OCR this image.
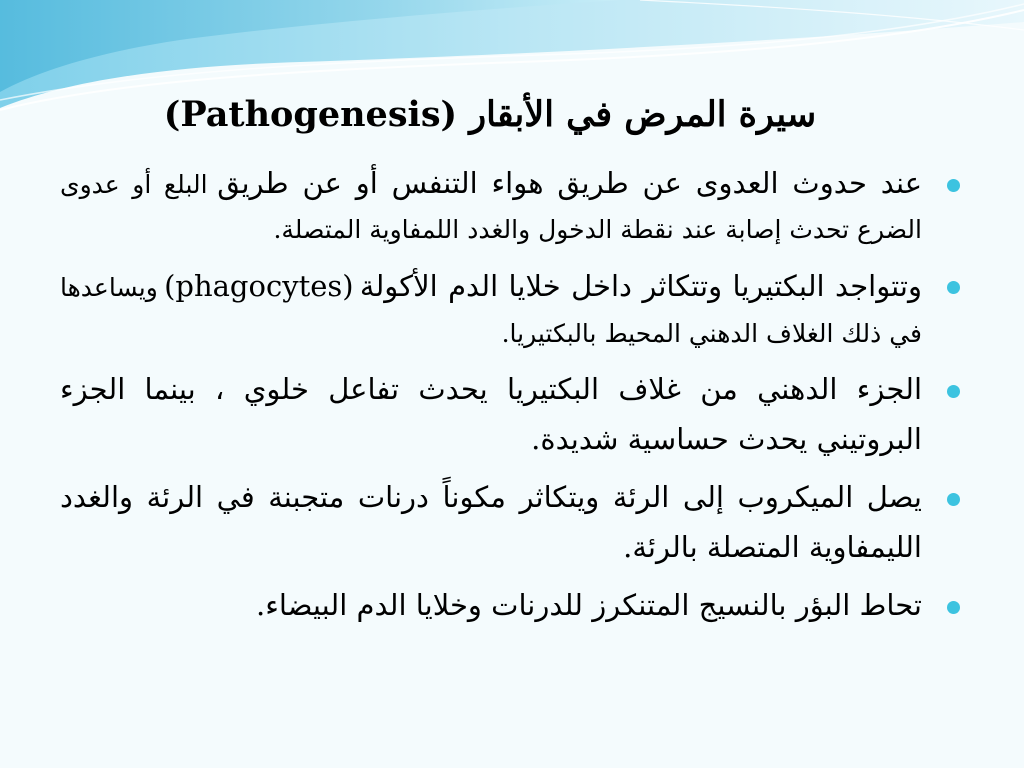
سيرة المرض في الأبقار (Pathogenesis)
عند حدوث العدوى عن طريق هواء التنفس أو عن طريق البلع أو عدوى الضرع تحدث إصابة عند نقطة الدخول والغدد اللمفاوية المتصلة.
وتتواجد البكتيريا وتتكاثر داخل خلايا الدم الأكولة (phagocytes) ويساعدها في ذلك الغلاف الدهني المحيط بالبكتيريا.
الجزء الدهني من غلاف البكتيريا يحدث تفاعل خلوي ، بينما الجزء البروتيني يحدث حساسية شديدة.
يصل الميكروب إلى الرئة ويتكاثر مكوناً درنات متجبنة في الرئة والغدد الليمفاوية المتصلة بالرئة.
تحاط البؤر بالنسيج المتنكرز للدرنات وخلايا الدم البيضاء.
